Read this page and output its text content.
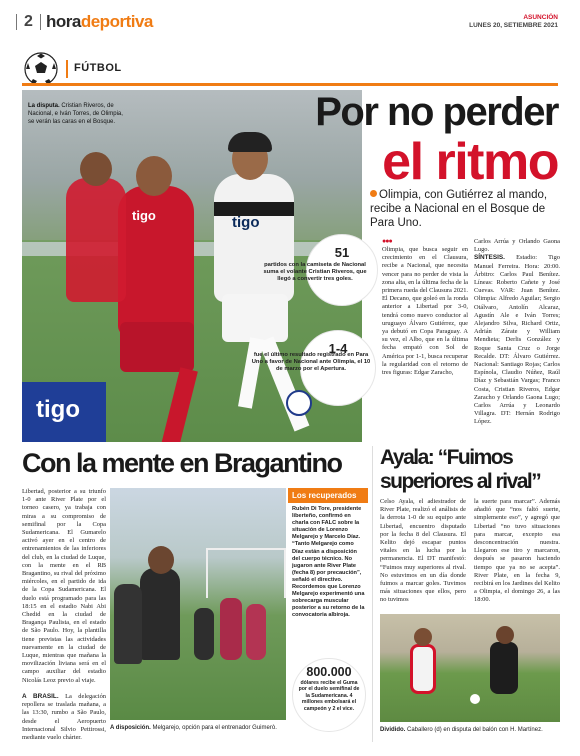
2 horadeportiva	ASUNCIÓN
LUNES 20, SETIEMBRE 2021
FÚTBOL
tigo
tigo
tigo
La disputa. Cristian Riveros, de Nacional, e Iván Torres, de Olimpia, se verán las caras en el Bosque.	Por no perder
el ritmo
Olimpia, con Gutiérrez al mando, recibe a Nacional en el Bosque de Para Uno.
51
partidos con la camiseta de Nacional suma el volante Cristian Riveros, que llegó a convertir tres goles.
1-4
fue el último resultado registrado en Para Uno a favor de Nacional ante Olimpia, el 10 de marzo por el Apertura.
●●●
Olimpia, que busca seguir en crecimiento en el Clausura, recibe a Nacional, que necesita vencer para no perder de vista la zona alta, en la última fecha de la primera rueda del Clausura 2021. El Decano, que goleó en la ronda anterior a Libertad por 3-0, tendrá como nuevo conductor al uruguayo Álvaro Gutiérrez, que ya debutó en Copa Paraguay. A su vez, el Albo, que en la última fecha empató con Sol de América por 1-1, busca recuperar la regularidad con el retorno de tres figuras: Edgar Zaracho,
Carlos Arrúa y Orlando Gaona Lugo.
SÍNTESIS. Estadio: Tigo Manuel Ferreira. Hora: 20:00. Árbitro: Carlos Paul Benítez. Líneas: Roberto Cañete y José Cuevas. VAR: Juan Benítez. Olimpia: Alfredo Aguilar; Sergio Otálvaro, Antolín Alcaraz, Agustín Ale e Iván Torres; Alejandro Silva, Richard Ortiz, Adrián Zárate y William Mendieta; Derlis González y Roque Santa Cruz o Jorge Recalde. DT: Álvaro Gutiérrez. Nacional: Santiago Rojas; Carlos Espínola, Claudio Núñez, Raúl Díaz y Sebastián Vargas; Franco Costa, Cristian Riveros, Edgar Zaracho y Orlando Gaona Lugo; Carlos Arrúa y Leonardo Villagra. DT: Hernán Rodrigo López.
Con la mente en Bragantino
Libertad, posterior a su triunfo 1-0 ante River Plate por el torneo casero, ya trabaja con miras a su compromiso de semifinal por la Copa Sudamericana. El Gumarelo activó ayer en el centro de entrenamientos de las inferiores del club, en la ciudad de Luque, con la mente en el RB Bragantino, su rival del próximo miércoles, en el partido de ida de la Copa Sudamericana. El duelo está programado para las 18:15 en el estadio Nabi Abi Chedid en la ciudad de Bragança Paulista, en el estado de São Paulo. Hoy, la plantilla tiene previstas las actividades nuevamente en la ciudad de Luque, mientras que mañana la movilización liviana será en el campo auxiliar del estadio Nicolás Leoz previo al viaje.

A BRASIL. La delegación repollera se traslada mañana, a las 13:30, rumbo a São Paulo, desde el Aeropuerto Internacional Silvio Pettirossi, mediante vuelo chárter.
A disposición. Melgarejo, opción para el entrenador Guimerò.
Los recuperados
Rubén Di Tore, presidente liberteño, confirmó en charla con FALC sobre la situación de Lorenzo Melgarejo y Marcelo Díaz. “Tanto Melgarejo como Díaz están a disposición del cuerpo técnico. No jugaron ante River Plate (fecha 8) por precaución”, señaló el directivo. Recordemos que Lorenzo Melgarejo experimentó una sobrecarga muscular posterior a su retorno de la convocatoria albiroja.
800.000
dólares recibe el Guma por el duelo semifinal de la Sudamericana. 4 millones embolsará el campeón y 2 el vice.
Ayala: “Fuimos
superiores al rival”
Celso Ayala, el adiestrador de River Plate, realizó el análisis de la derrota 1-0 de su equipo ante Libertad, encuentro disputado por la fecha 8 del Clausura. El Kelito dejó escapar puntos vitales en la lucha por la permanencia. El DT manifestó: “Fuimos muy superiores al rival. No estuvimos en un día donde fuimos a marcar goles. Tuvimos más situaciones que ellos, pero no tuvimos
la suerte para marcar”. Además añadió que “nos faltó suerte, simplemente eso”, y agregó que Libertad “no tuvo situaciones para marcar, excepto esa desconcentración nuestra. Llegaron ese tiro y marcaron, después se pasaron haciendo tiempo que ya no se acepta”. River Plate, en la fecha 9, recibirá en los Jardines del Kelito a Olimpia, el domingo 26, a las 18:00.
Dividido. Caballero (d) en disputa del balón con H. Martínez.
